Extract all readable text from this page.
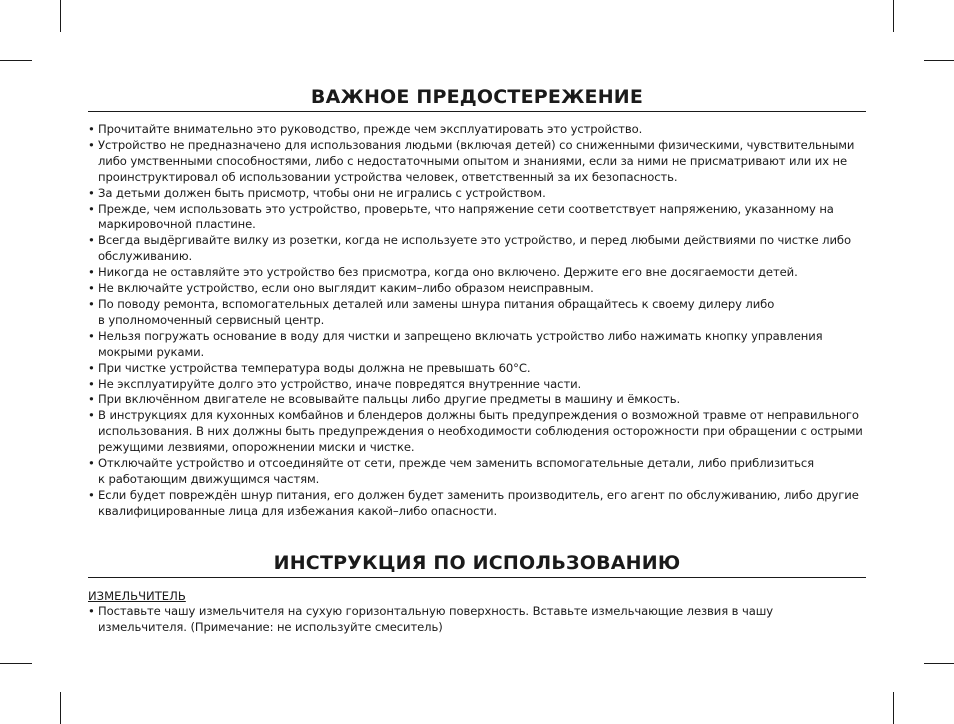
ВАЖНОЕ ПРЕДОСТЕРЕЖЕНИЕ
• Прочитайте внимательно это руководство, прежде чем эксплуатировать это устройство.
• Устройство не предназначено для использования людьми (включая детей) со сниженными физическими, чувствительными
либо умственными способностями, либо с недостаточными опытом и знаниями, если за ними не присматривают или их не
проинструктировал об использовании устройства человек, ответственный за их безопасность.
• За детьми должен быть присмотр, чтобы они не игрались с устройством.
• Прежде, чем использовать это устройство, проверьте, что напряжение сети соответствует напряжению, указанному на
маркировочной пластине.
• Всегда выдёргивайте вилку из розетки, когда не используете это устройство, и перед любыми действиями по чистке либо
обслуживанию.
• Никогда не оставляйте это устройство без присмотра, когда оно включено. Держите его вне досягаемости детей.
• Не включайте устройство, если оно выглядит каким–либо образом неисправным.
• По поводу ремонта, вспомогательных деталей или замены шнура питания обращайтесь к своему дилеру либо
в уполномоченный сервисный центр.
• Нельзя погружать основание в воду для чистки и запрещено включать устройство либо нажимать кнопку управления
мокрыми руками.
• При чистке устройства температура воды должна не превышать 60°С.
• Не эксплуатируйте долго это устройство, иначе повредятся внутренние части.
• При включённом двигателе не всовывайте пальцы либо другие предметы в машину и ёмкость.
• В инструкциях для кухонных комбайнов и блендеров должны быть предупреждения о возможной травме от неправильного
использования. В них должны быть предупреждения о необходимости соблюдения осторожности при обращении с острыми
режущими лезвиями, опорожнении миски и чистке.
• Отключайте устройство и отсоединяйте от сети, прежде чем заменить вспомогательные детали, либо приблизиться
к работающим движущимся частям.
• Если будет повреждён шнур питания, его должен будет заменить производитель, его агент по обслуживанию, либо другие
квалифицированные лица для избежания какой–либо опасности.
ИНСТРУКЦИЯ ПО ИСПОЛЬЗОВАНИЮ
ИЗМЕЛЬЧИТЕЛЬ
• Поставьте чашу измельчителя на сухую горизонтальную поверхность. Вставьте измельчающие лезвия в чашу
измельчителя. (Примечание: не используйте смеситель)
